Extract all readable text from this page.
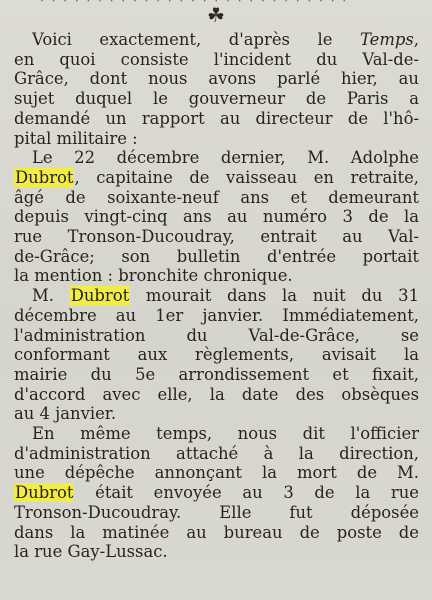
☘
Voici exactement, d'après le Temps,
en quoi consiste l'incident du Val-de-
Grâce, dont nous avons parlé hier, au
sujet duquel le gouverneur de Paris a
demandé un rapport au directeur de l'hô-
pital militaire :
Le 22 décembre dernier, M. Adolphe
Dubrot, capitaine de vaisseau en retraite,
âgé de soixante-neuf ans et demeurant
depuis vingt-cinq ans au numéro 3 de la
rue Tronson-Ducoudray, entrait au Val-
de-Grâce; son bulletin d'entrée portait
la mention : bronchite chronique.
M. Dubrot mourait dans la nuit du 31
décembre au 1er janvier. Immédiatement,
l'administration du Val-de-Grâce, se
conformant aux règlements, avisait la
mairie du 5e arrondissement et fixait,
d'accord avec elle, la date des obsèques
au 4 janvier.
En même temps, nous dit l'officier
d'administration attaché à la direction,
une dépêche annonçant la mort de M.
Dubrot était envoyée au 3 de la rue
Tronson-Ducoudray. Elle fut déposée
dans la matinée au bureau de poste de
la rue Gay-Lussac.
